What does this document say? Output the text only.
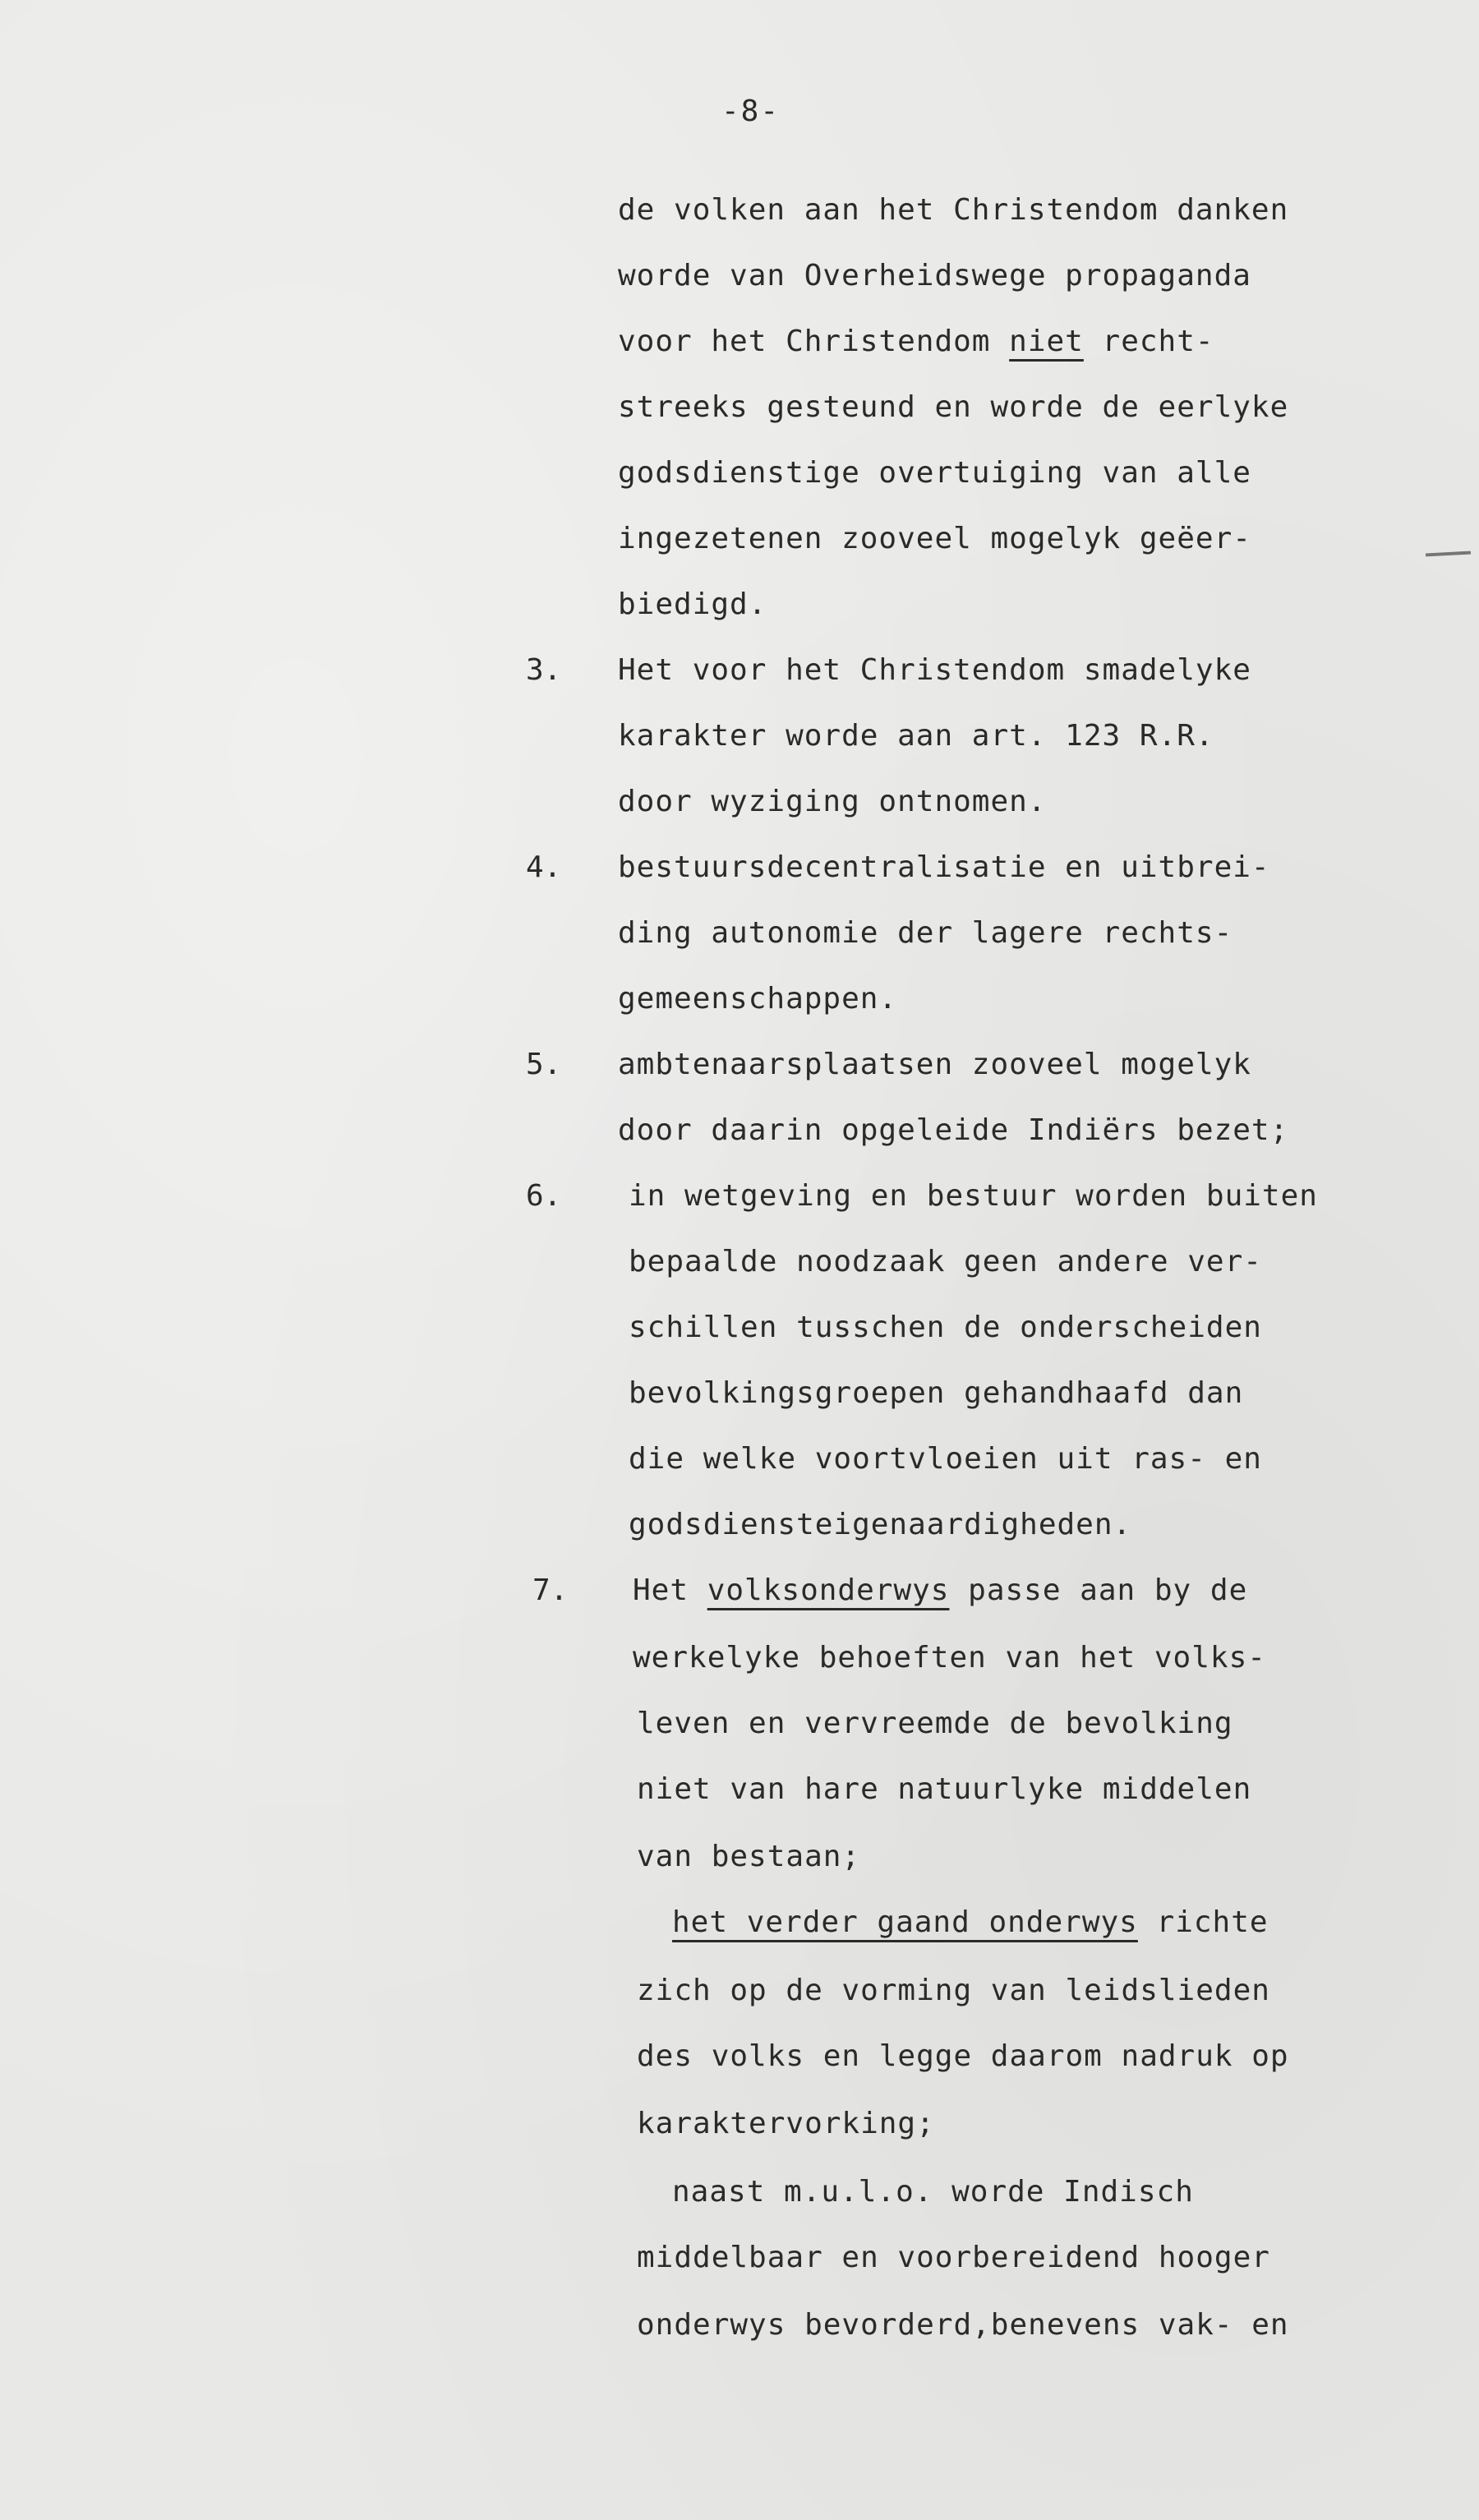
-8-
de volken aan het Christendom danken
worde van Overheidswege propaganda
voor het Christendom niet recht-
streeks gesteund en worde de eerlyke
godsdienstige overtuiging van alle
ingezetenen zooveel mogelyk geëer-
biedigd.
3. Het voor het Christendom smadelyke
karakter worde aan art. 123 R.R.
door wyziging ontnomen.
4. bestuursdecentralisatie en uitbrei-
ding autonomie der lagere rechts-
gemeenschappen.
5. ambtenaarsplaatsen zooveel mogelyk
door daarin opgeleide Indiërs bezet;
6. in wetgeving en bestuur worden buiten
bepaalde noodzaak geen andere ver-
schillen tusschen de onderscheiden
bevolkingsgroepen gehandhaafd dan
die welke voortvloeien uit ras- en
godsdiensteigenaardigheden.
7. Het volksonderwys passe aan by de
werkelyke behoeften van het volks-
leven en vervreemde de bevolking
niet van hare natuurlyke middelen
van bestaan;
het verder gaand onderwys richte
zich op de vorming van leidslieden
des volks en legge daarom nadruk op
karaktervorking;
naast m.u.l.o. worde Indisch
middelbaar en voorbereidend hooger
onderwys bevorderd,benevens vak- en
